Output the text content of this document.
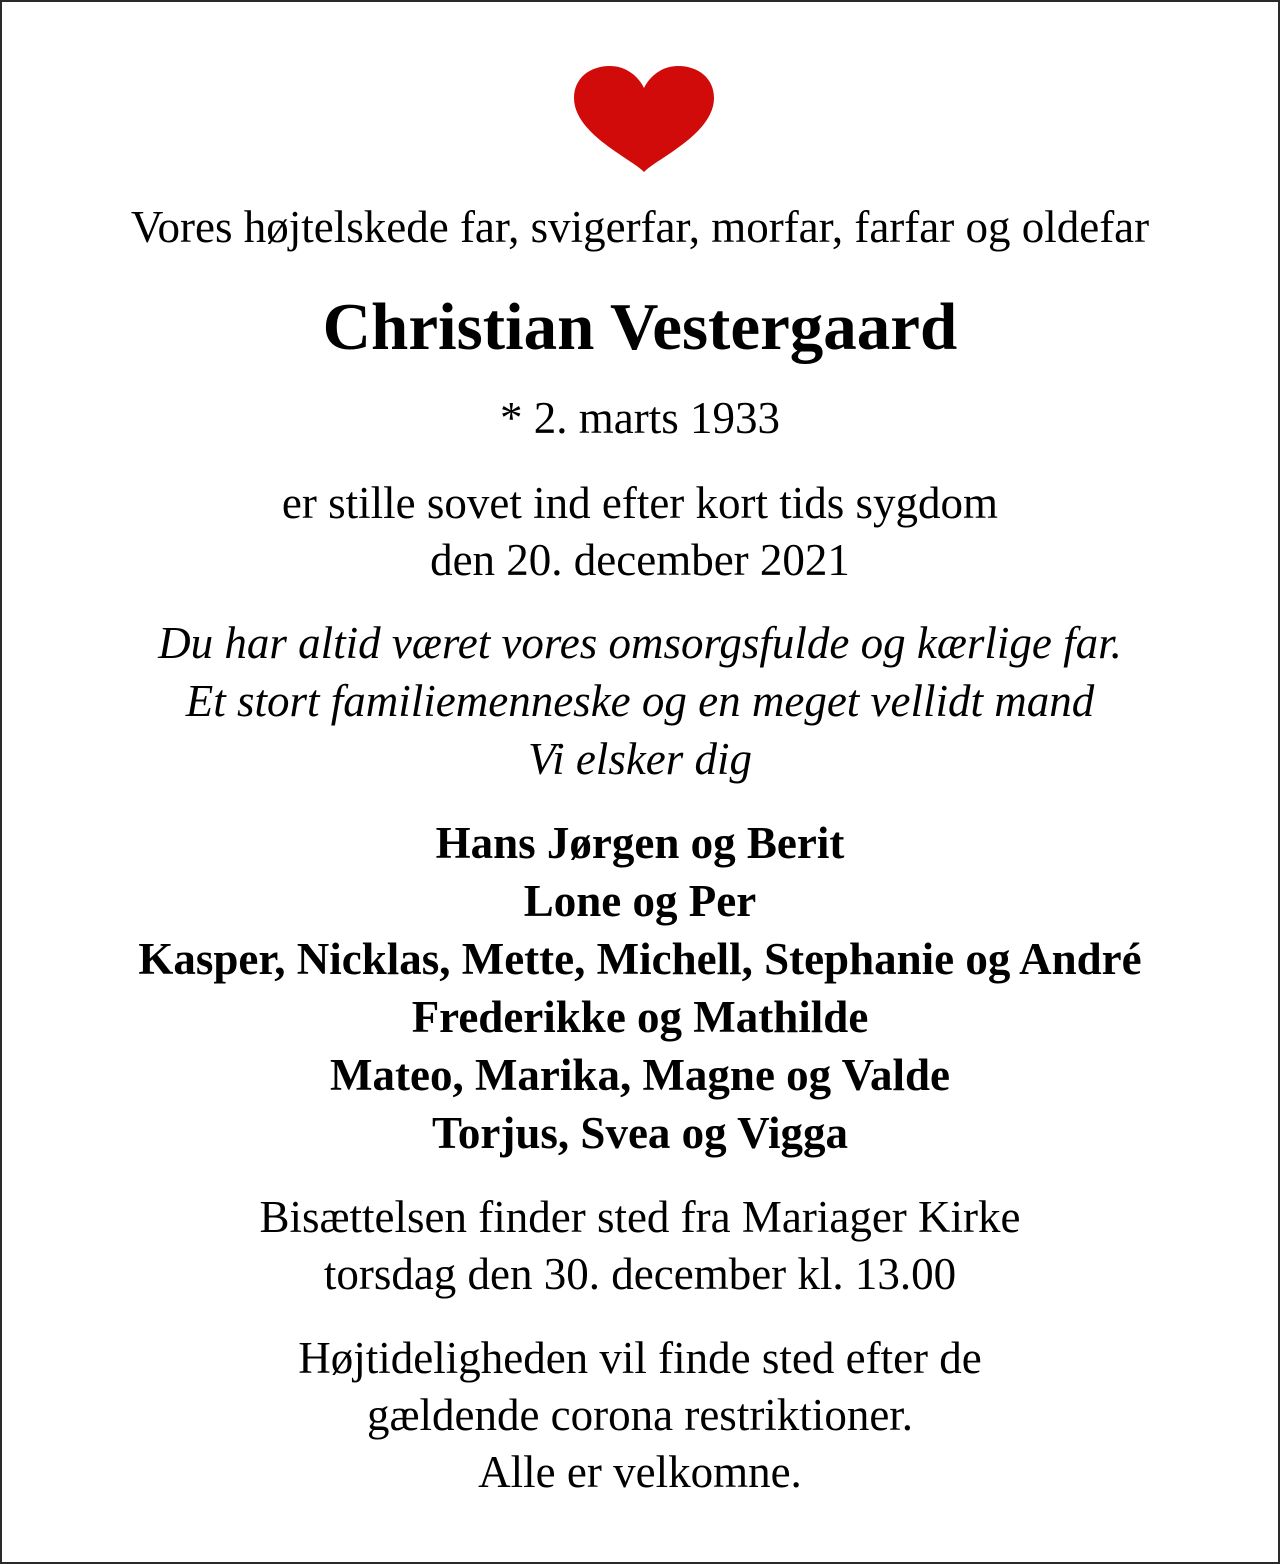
Vores højtelskede far, svigerfar, morfar, farfar og oldefar
Christian Vestergaard
* 2. marts 1933
er stille sovet ind efter kort tids sygdom
den 20. december 2021
Du har altid været vores omsorgsfulde og kærlige far.
Et stort familiemenneske og en meget vellidt mand
Vi elsker dig
Hans Jørgen og Berit
Lone og Per
Kasper, Nicklas, Mette, Michell, Stephanie og André
Frederikke og Mathilde
Mateo, Marika, Magne og Valde
Torjus, Svea og Vigga
Bisættelsen finder sted fra Mariager Kirke
torsdag den 30. december kl. 13.00
Højtideligheden vil finde sted efter de
gældende corona restriktioner.
Alle er velkomne.
